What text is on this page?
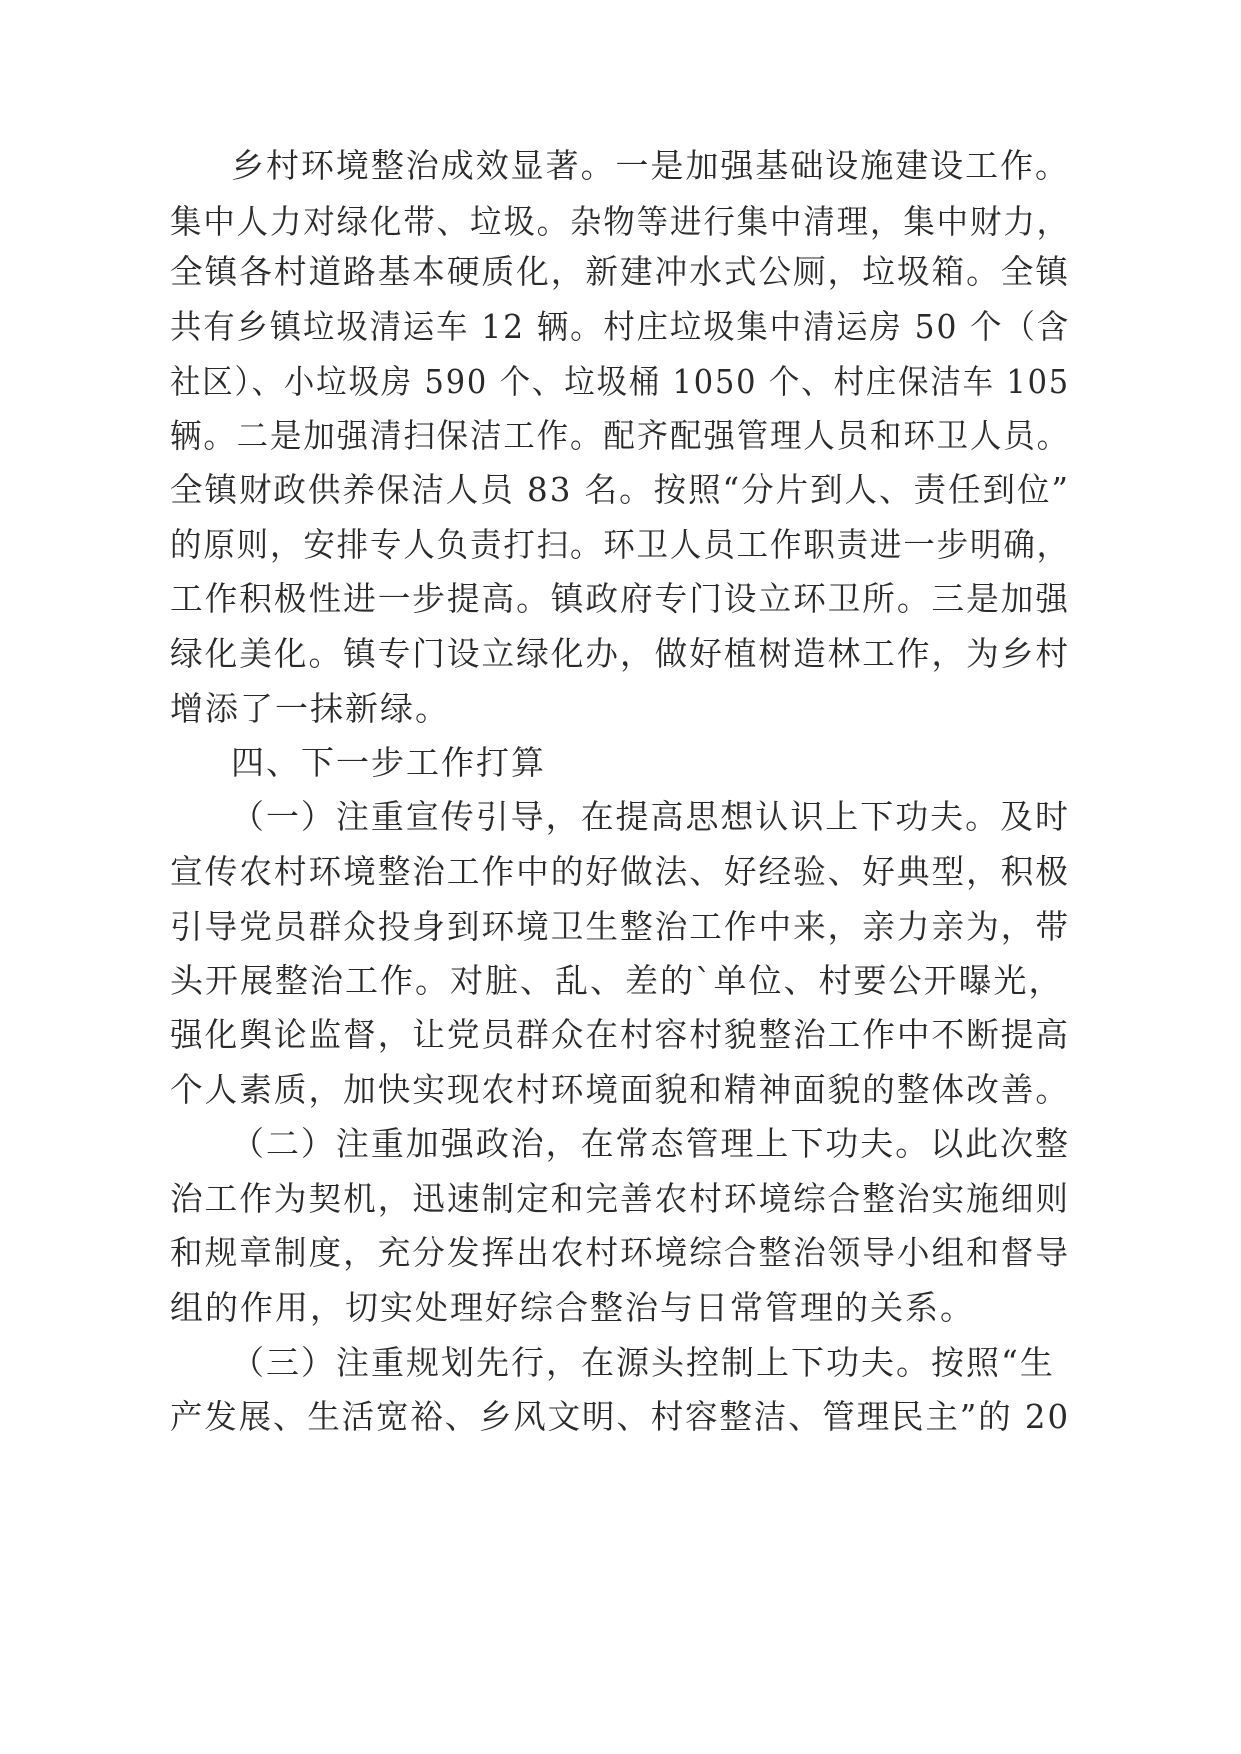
乡村环境整治成效显著。一是加强基础设施建设工作。
集中人力对绿化带、垃圾。杂物等进行集中清理，集中财力，
全镇各村道路基本硬质化，新建冲水式公厕，垃圾箱。全镇
共有乡镇垃圾清运车 12 辆。村庄垃圾集中清运房 50 个（含
社区）、小垃圾房 590 个、垃圾桶 1050 个、村庄保洁车 105
辆。二是加强清扫保洁工作。配齐配强管理人员和环卫人员。
全镇财政供养保洁人员 83 名。按照“分片到人、责任到位”
的原则，安排专人负责打扫。环卫人员工作职责进一步明确，
工作积极性进一步提高。镇政府专门设立环卫所。三是加强
绿化美化。镇专门设立绿化办，做好植树造林工作，为乡村
增添了一抹新绿。
四、下一步工作打算
（一）注重宣传引导，在提高思想认识上下功夫。及时
宣传农村环境整治工作中的好做法、好经验、好典型，积极
引导党员群众投身到环境卫生整治工作中来，亲力亲为，带
头开展整治工作。对脏、乱、差的`单位、村要公开曝光，
强化舆论监督，让党员群众在村容村貌整治工作中不断提高
个人素质，加快实现农村环境面貌和精神面貌的整体改善。
（二）注重加强政治，在常态管理上下功夫。以此次整
治工作为契机，迅速制定和完善农村环境综合整治实施细则
和规章制度，充分发挥出农村环境综合整治领导小组和督导
组的作用，切实处理好综合整治与日常管理的关系。
（三）注重规划先行，在源头控制上下功夫。按照“生
产发展、生活宽裕、乡风文明、村容整洁、管理民主”的 20
